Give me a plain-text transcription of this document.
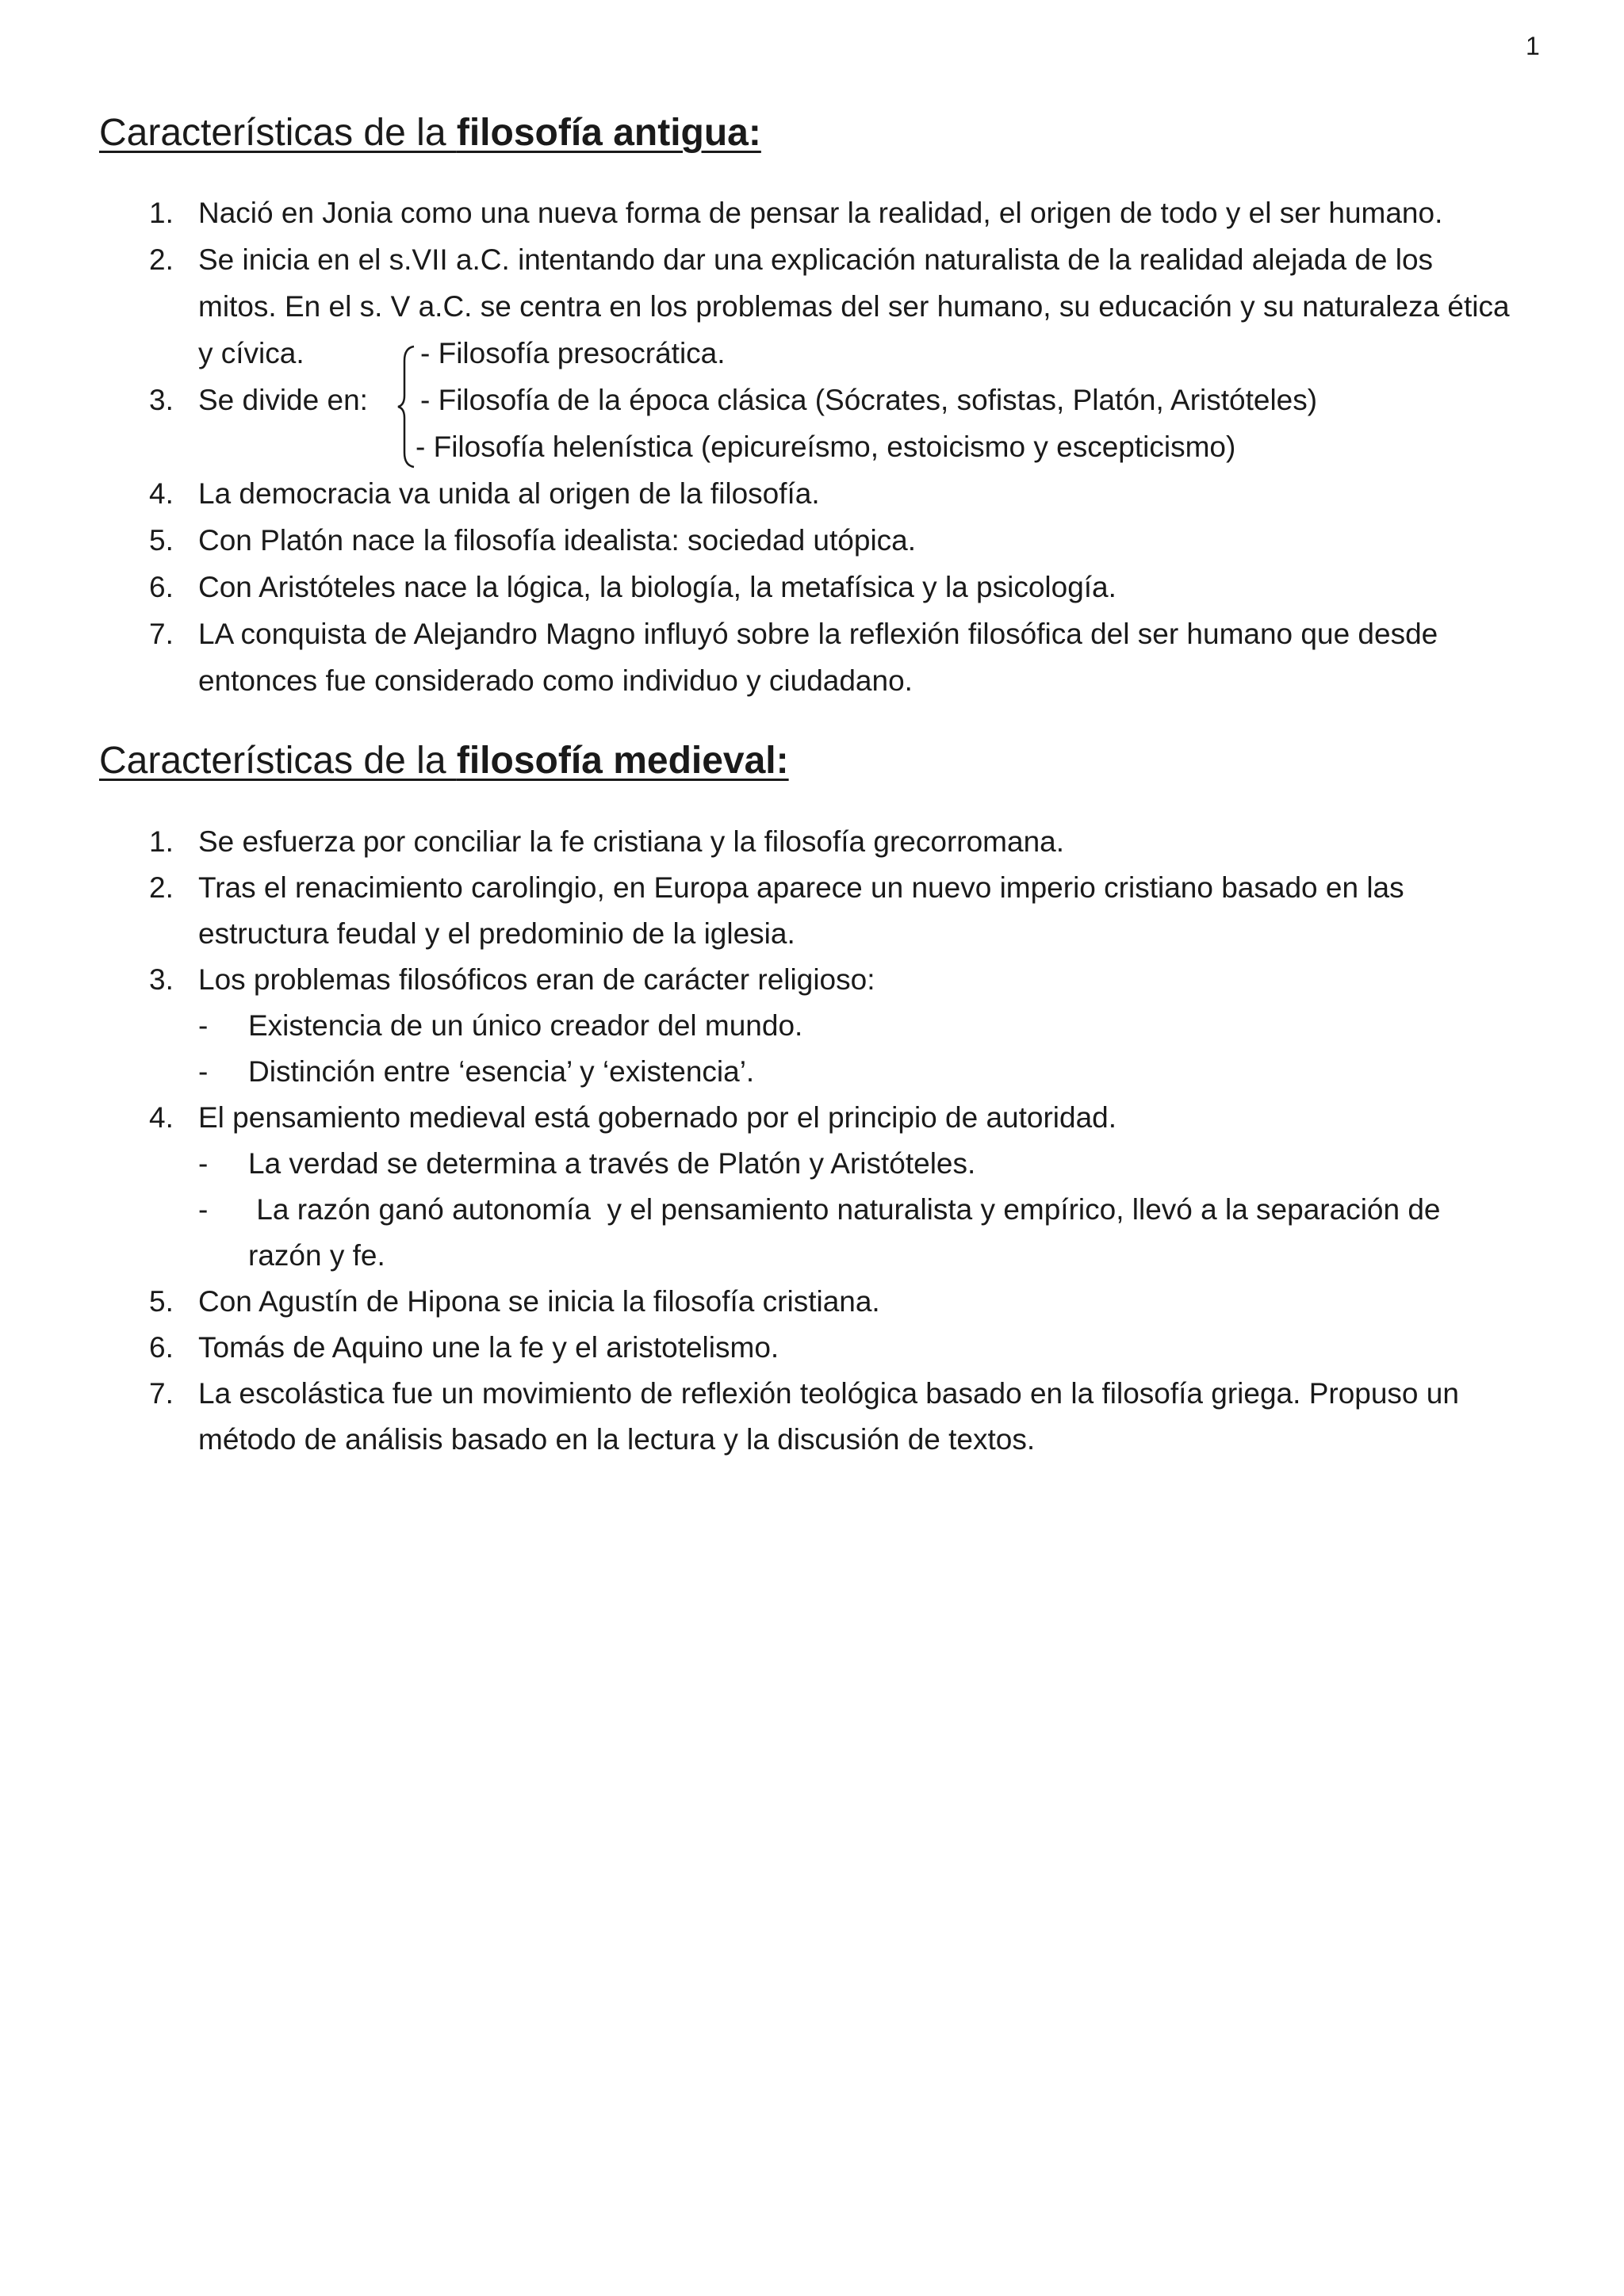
1
Características de la filosofía antigua:
1. Nació en Jonia como una nueva forma de pensar la realidad, el origen de todo y el ser humano.
2. Se inicia en el s.VII a.C. intentando dar una explicación naturalista de la realidad alejada de los
mitos. En el s. V a.C. se centra en los problemas del ser humano, su educación y su naturaleza ética
y cívica.
3. Se divide en:
- Filosofía presocrática.
- Filosofía de la época clásica (Sócrates, sofistas, Platón, Aristóteles)
- Filosofía helenística (epicureísmo, estoicismo y escepticismo)
4. La democracia va unida al origen de la filosofía.
5. Con Platón nace la filosofía idealista: sociedad utópica.
6. Con Aristóteles nace la lógica, la biología, la metafísica y la psicología.
7. LA conquista de Alejandro Magno influyó sobre la reflexión filosófica del ser humano que desde
entonces fue considerado como individuo y ciudadano.
Características de la filosofía medieval:
1. Se esfuerza por conciliar la fe cristiana y la filosofía grecorromana.
2. Tras el renacimiento carolingio, en Europa aparece un nuevo imperio cristiano basado en las
estructura feudal y el predominio de la iglesia.
3. Los problemas filosóficos eran de carácter religioso:
- Existencia de un único creador del mundo.
- Distinción entre ‘esencia’ y ‘existencia’.
4. El pensamiento medieval está gobernado por el principio de autoridad.
- La verdad se determina a través de Platón y Aristóteles.
- La razón ganó autonomía  y el pensamiento naturalista y empírico, llevó a la separación de
razón y fe.
5. Con Agustín de Hipona se inicia la filosofía cristiana.
6. Tomás de Aquino une la fe y el aristotelismo.
7. La escolástica fue un movimiento de reflexión teológica basado en la filosofía griega. Propuso un
método de análisis basado en la lectura y la discusión de textos.
